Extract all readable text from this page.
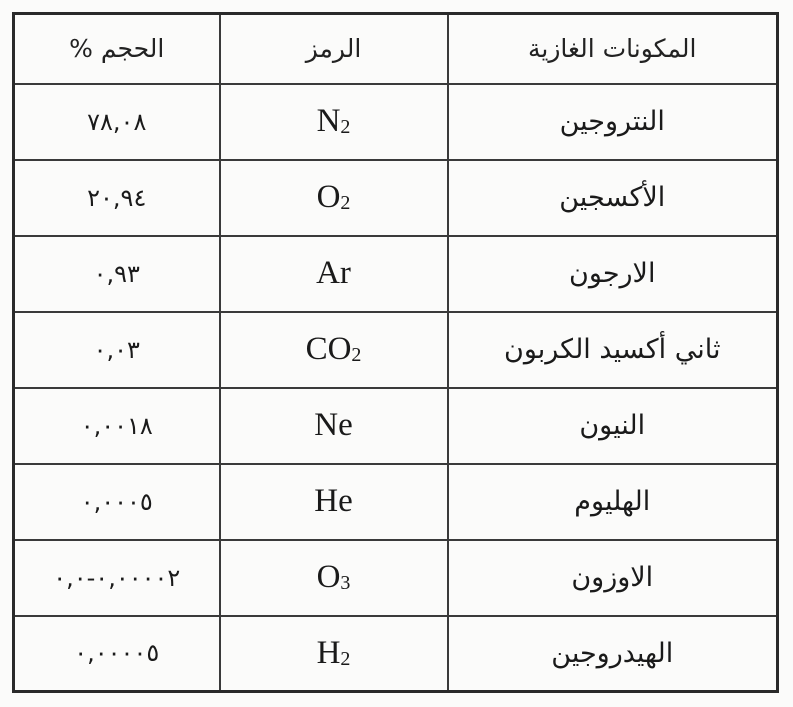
الحجم %	الرمز	المكونات الغازية
٧٨,٠٨	$N_2$	النتروجين
٢٠,٩٤	$O_2$	الأكسجين
٠,٩٣	Ar	الارجون
٠,٠٣	$CO_2$	ثاني أكسيد الكربون
٠,٠٠١٨	Ne	النيون
٠,٠٠٠٥	He	الهليوم
٠,٠٠٠٠٢-٠,٠	$O_3$	الاوزون
٠,٠٠٠٠٥	$H_2$	الهيدروجين
